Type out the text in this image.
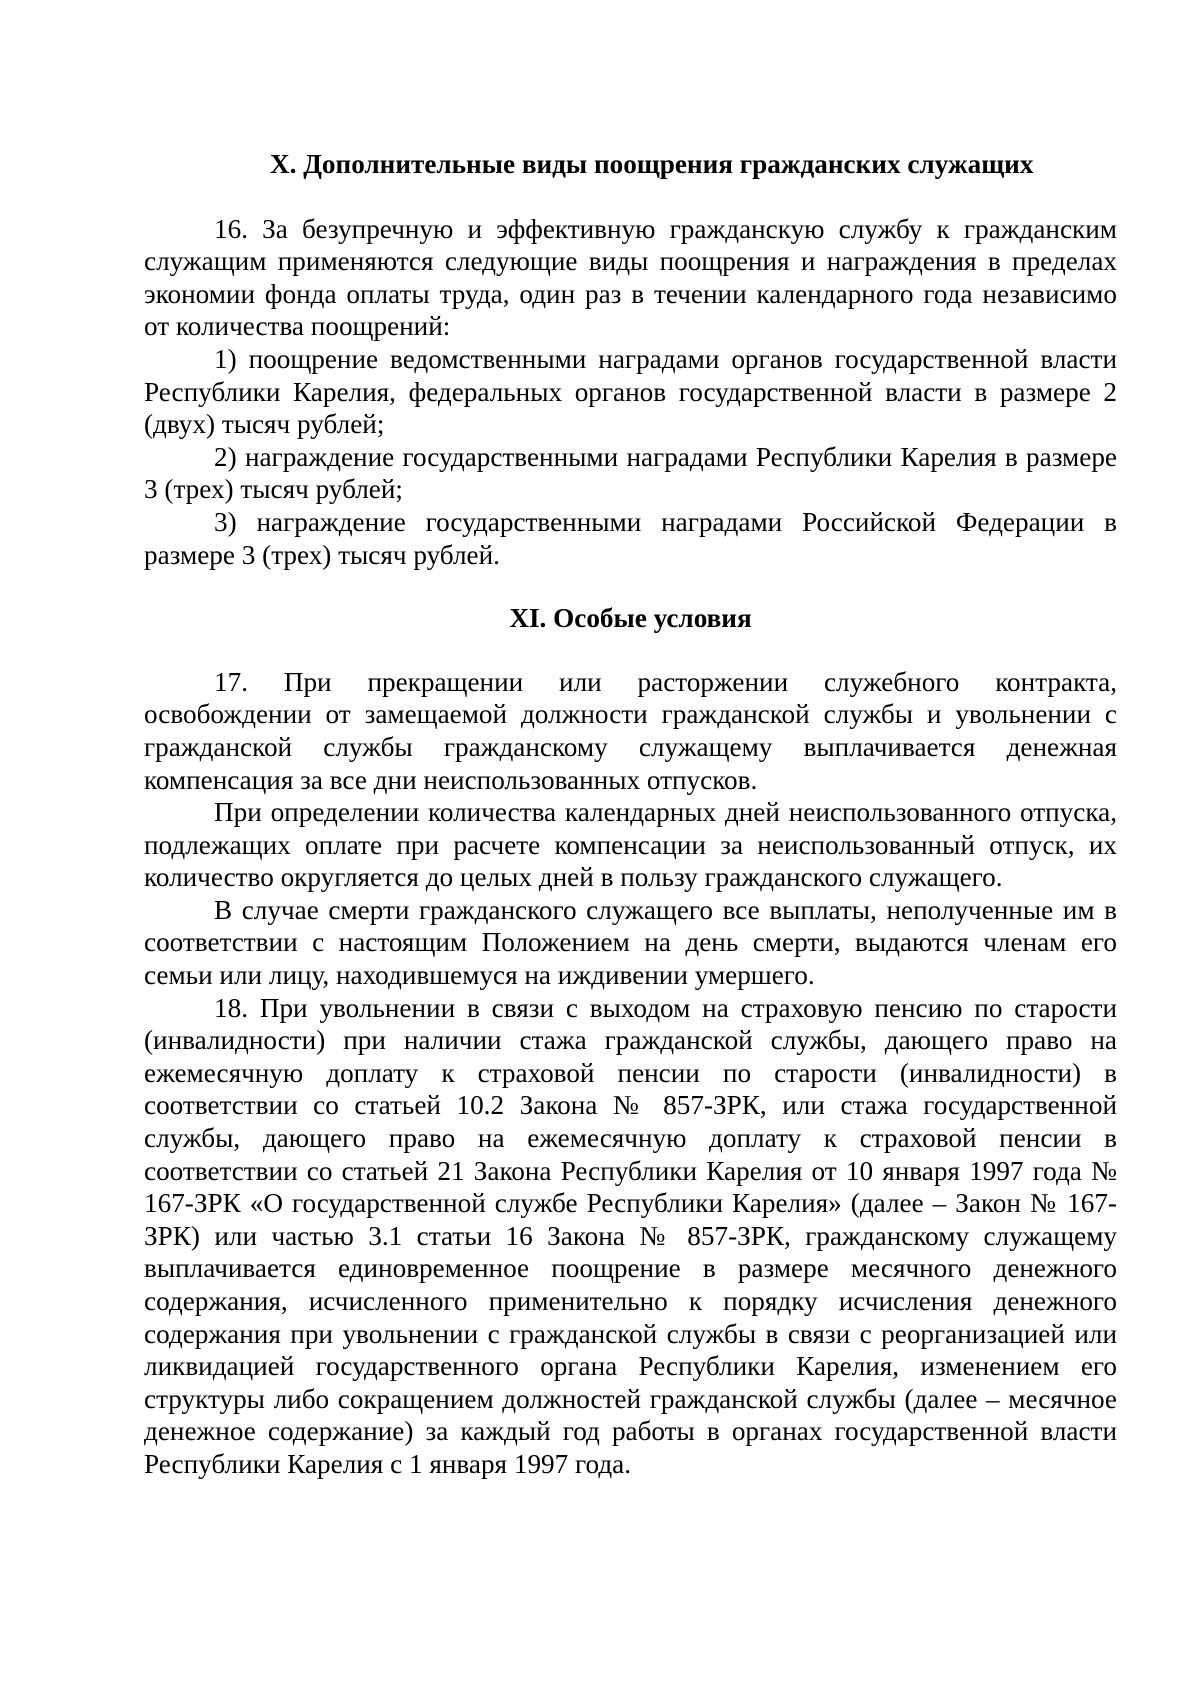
X. Дополнительные виды поощрения гражданских служащих

16. За безупречную и эффективную гражданскую службу к гражданским служащим применяются следующие виды поощрения и награждения в пределах экономии фонда оплаты труда, один раз в течении календарного года независимо от количества поощрений:

1) поощрение ведомственными наградами органов государственной власти Республики Карелия, федеральных органов государственной власти в размере 2 (двух) тысяч рублей;

2) награждение государственными наградами Республики Карелия в размере 3 (трех) тысяч рублей;

3) награждение государственными наградами Российской Федерации в размере 3 (трех) тысяч рублей.

XI. Особые условия

17. При прекращении или расторжении служебного контракта, освобождении от замещаемой должности гражданской службы и увольнении с гражданской службы гражданскому служащему выплачивается денежная компенсация за все дни неиспользованных отпусков.

При определении количества календарных дней неиспользованного отпуска, подлежащих оплате при расчете компенсации за неиспользованный отпуск, их количество округляется до целых дней в пользу гражданского служащего.

В случае смерти гражданского служащего все выплаты, неполученные им в соответствии с настоящим Положением на день смерти, выдаются членам его семьи или лицу, находившемуся на иждивении умершего.

18. При увольнении в связи с выходом на страховую пенсию по старости (инвалидности) при наличии стажа гражданской службы, дающего право на ежемесячную доплату к страховой пенсии по старости (инвалидности) в соответствии со статьей 10.2 Закона № 857-ЗРК, или стажа государственной службы, дающего право на ежемесячную доплату к страховой пенсии в соответствии со статьей 21 Закона Республики Карелия от 10 января 1997 года № 167-ЗРК «О государственной службе Республики Карелия» (далее – Закон № 167-ЗРК) или частью 3.1 статьи 16 Закона № 857-ЗРК, гражданскому служащему выплачивается единовременное поощрение в размере месячного денежного содержания, исчисленного применительно к порядку исчисления денежного содержания при увольнении с гражданской службы в связи с реорганизацией или ликвидацией государственного органа Республики Карелия, изменением его структуры либо сокращением должностей гражданской службы (далее – месячное денежное содержание) за каждый год работы в органах государственной власти Республики Карелия с 1 января 1997 года.
